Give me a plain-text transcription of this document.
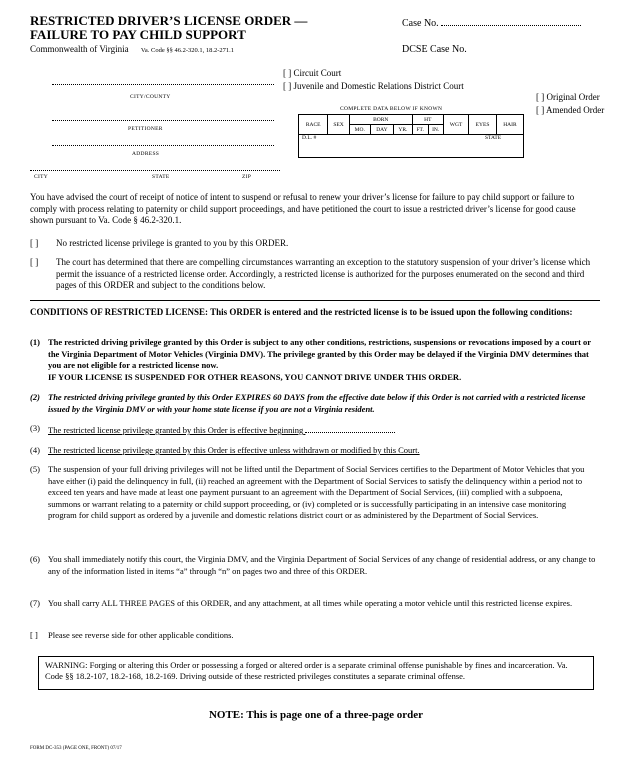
RESTRICTED DRIVER’S LICENSE ORDER —
FAILURE TO PAY CHILD SUPPORT
Commonwealth of Virginia Va. Code §§ 46.2-320.1, 18.2-271.1
Case No.
DCSE Case No.
CITY/COUNTY
[ ] Circuit Court
[ ] Juvenile and Domestic Relations District Court
[ ] Original Order
[ ] Amended Order
PETITIONER
ADDRESS
CITY	STATE	ZIP
COMPLETE DATA BELOW IF KNOWN
RACE	SEX	BORN			HT		WGT	EYES	HAIR
		MO.	DAY	YR.	FT.	IN.			
D.L. # STATE									
You have advised the court of receipt of notice of intent to suspend or refusal to renew your driver’s license for failure to pay child support or failure to comply with process relating to paternity or child support proceedings, and have petitioned the court to issue a restricted driver’s license for good cause shown pursuant to Va. Code § 46.2-320.1.
[ ] No restricted license privilege is granted to you by this ORDER.
[ ] The court has determined that there are compelling circumstances warranting an exception to the statutory suspension of your driver’s license which permit the issuance of a restricted license order. Accordingly, a restricted license is authorized for the purposes enumerated on the second and third pages of this ORDER and subject to the conditions below.
CONDITIONS OF RESTRICTED LICENSE: This ORDER is entered and the restricted license is to be issued upon the following conditions:
(1) The restricted driving privilege granted by this Order is subject to any other conditions, restrictions, suspensions or revocations imposed by a court or the Virginia Department of Motor Vehicles (Virginia DMV). The privilege granted by this Order may be delayed if the Virginia DMV determines that you are not eligible for a restricted license now.
IF YOUR LICENSE IS SUSPENDED FOR OTHER REASONS, YOU CANNOT DRIVE UNDER THIS ORDER.
(2) The restricted driving privilege granted by this Order EXPIRES 60 DAYS from the effective date below if this Order is not carried with a restricted license issued by the Virginia DMV or with your home state license if you are not a Virginia resident.
(3) The restricted license privilege granted by this Order is effective beginning
(4) The restricted license privilege granted by this Order is effective unless withdrawn or modified by this Court.
(5) The suspension of your full driving privileges will not be lifted until the Department of Social Services certifies to the Department of Motor Vehicles that you have either (i) paid the delinquency in full, (ii) reached an agreement with the Department of Social Services to satisfy the delinquency within a period not to exceed ten years and have made at least one payment pursuant to an agreement with the Department of Social Services, (iii) complied with a subpoena, summons or warrant relating to a paternity or child support proceeding, or (iv) completed or is successfully participating in an intensive case monitoring program for child support as ordered by a juvenile and domestic relations district court or as administered by the Department of Social Services.
(6) You shall immediately notify this court, the Virginia DMV, and the Virginia Department of Social Services of any change of residential address, or any change to any of the information listed in items “a” through “n” on pages two and three of this ORDER.
(7) You shall carry ALL THREE PAGES of this ORDER, and any attachment, at all times while operating a motor vehicle until this restricted license expires.
[ ] Please see reverse side for other applicable conditions.
WARNING: Forging or altering this Order or possessing a forged or altered order is a separate criminal offense punishable by fines and incarceration. Va. Code §§ 18.2-107, 18.2-168, 18.2-169. Driving outside of these restricted privileges constitutes a separate criminal offense.
NOTE: This is page one of a three-page order
FORM DC-353 (PAGE ONE, FRONT) 07/17
